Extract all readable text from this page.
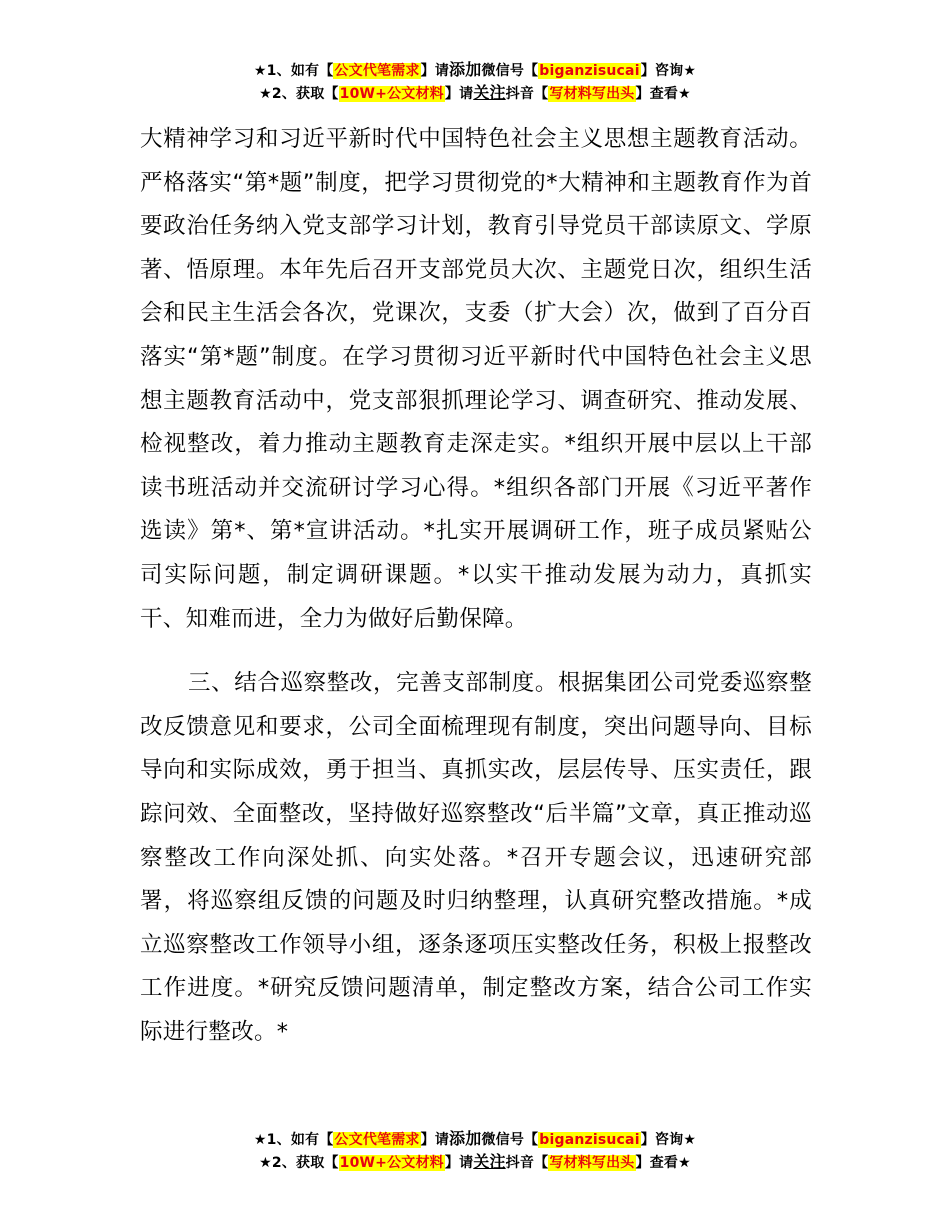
★1、如有【公文代笔需求】请添加微信号【biganzisucai】咨询★
★2、获取【10W+公文材料】请关注抖音【写材料写出头】查看★

大精神学习和习近平新时代中国特色社会主义思想主题教育活动。严格落实“第*题”制度，把学习贯彻党的*大精神和主题教育作为首要政治任务纳入党支部学习计划，教育引导党员干部读原文、学原著、悟原理。本年先后召开支部党员大次、主题党日次，组织生活会和民主生活会各次，党课次，支委（扩大会）次，做到了百分百落实“第*题”制度。在学习贯彻习近平新时代中国特色社会主义思想主题教育活动中，党支部狠抓理论学习、调查研究、推动发展、检视整改，着力推动主题教育走深走实。*组织开展中层以上干部读书班活动并交流研讨学习心得。*组织各部门开展《习近平著作选读》第*、第*宣讲活动。*扎实开展调研工作，班子成员紧贴公司实际问题，制定调研课题。*以实干推动发展为动力，真抓实干、知难而进，全力为做好后勤保障。

三、结合巡察整改，完善支部制度。根据集团公司党委巡察整改反馈意见和要求，公司全面梳理现有制度，突出问题导向、目标导向和实际成效，勇于担当、真抓实改，层层传导、压实责任，跟踪问效、全面整改，坚持做好巡察整改“后半篇”文章，真正推动巡察整改工作向深处抓、向实处落。*召开专题会议，迅速研究部署，将巡察组反馈的问题及时归纳整理，认真研究整改措施。*成立巡察整改工作领导小组，逐条逐项压实整改任务，积极上报整改工作进度。*研究反馈问题清单，制定整改方案，结合公司工作实际进行整改。*

★1、如有【公文代笔需求】请添加微信号【biganzisucai】咨询★
★2、获取【10W+公文材料】请关注抖音【写材料写出头】查看★
